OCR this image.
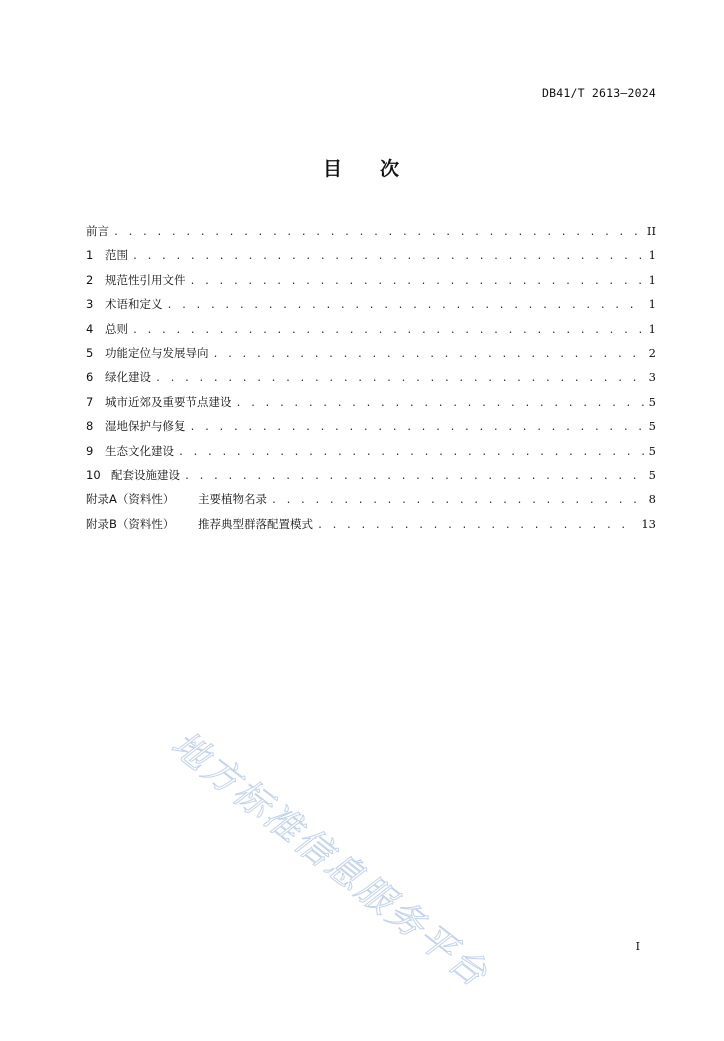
DB41/T 2613—2024
目 次
前言 . . .	II
1	范围 . . .	1
2	规范性引用文件 . . .	1
3	术语和定义 . . .	1
4	总则 . . .	1
5	功能定位与发展导向 . . .	2
6	绿化建设 . . .	3
7	城市近郊及重要节点建设 . . .	5
8	湿地保护与修复 . . .	5
9	生态文化建设 . . .	5
10 配套设施建设 . . .	5
附录A（资料性）	主要植物名录 . . .	8
附录B（资料性）	推荐典型群落配置模式 . . .	13
地方标准信息服务平台	I
